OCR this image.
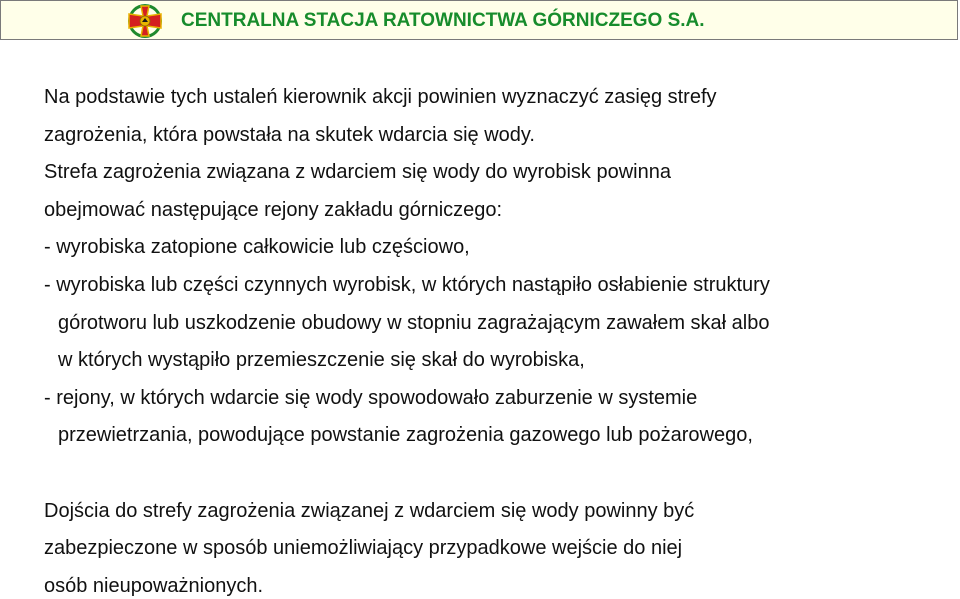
CENTRALNA STACJA RATOWNICTWA GÓRNICZEGO S.A.
Na podstawie tych ustaleń kierownik akcji powinien wyznaczyć zasięg strefy
zagrożenia, która powstała na skutek wdarcia się wody.
Strefa zagrożenia związana z wdarciem się wody do wyrobisk powinna
obejmować następujące rejony zakładu górniczego:
- wyrobiska zatopione całkowicie lub częściowo,
- wyrobiska lub części czynnych wyrobisk, w których nastąpiło osłabienie struktury
górotworu lub uszkodzenie obudowy w stopniu zagrażającym zawałem skał albo
w których wystąpiło przemieszczenie się skał do wyrobiska,
- rejony, w których wdarcie się wody spowodowało zaburzenie w systemie
przewietrzania, powodujące powstanie zagrożenia gazowego lub pożarowego,
Dojścia do strefy zagrożenia związanej z wdarciem się wody powinny być
zabezpieczone w sposób uniemożliwiający przypadkowe wejście do niej
osób nieupoważnionych.
